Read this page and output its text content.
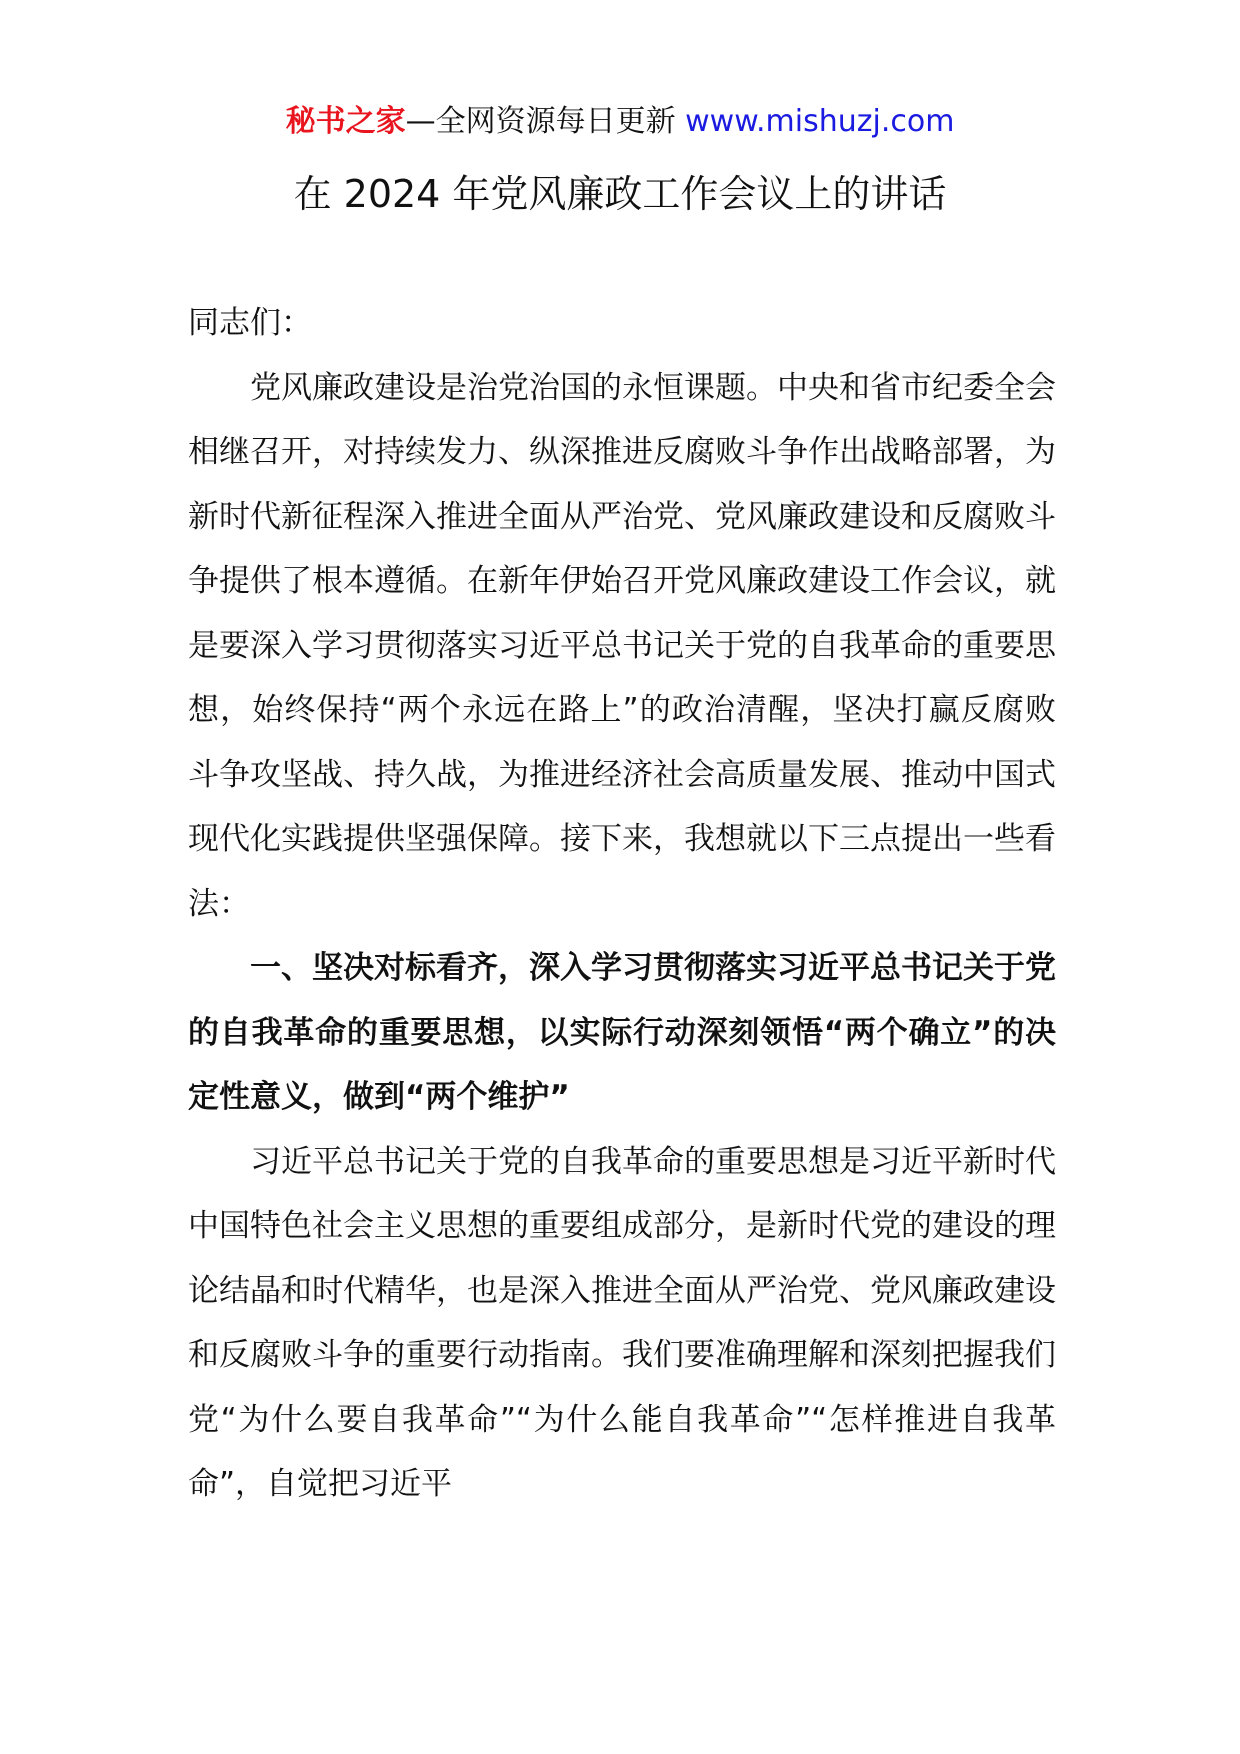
秘书之家—全网资源每日更新 www.mishuzj.com
在 2024 年党风廉政工作会议上的讲话

同志们：

党风廉政建设是治党治国的永恒课题。中央和省市纪委全会相继召开，对持续发力、纵深推进反腐败斗争作出战略部署，为新时代新征程深入推进全面从严治党、党风廉政建设和反腐败斗争提供了根本遵循。在新年伊始召开党风廉政建设工作会议，就是要深入学习贯彻落实习近平总书记关于党的自我革命的重要思想，始终保持“两个永远在路上”的政治清醒，坚决打赢反腐败斗争攻坚战、持久战，为推进经济社会高质量发展、推动中国式现代化实践提供坚强保障。接下来，我想就以下三点提出一些看法：

一、坚决对标看齐，深入学习贯彻落实习近平总书记关于党的自我革命的重要思想，以实际行动深刻领悟“两个确立”的决定性意义，做到“两个维护”

习近平总书记关于党的自我革命的重要思想是习近平新时代中国特色社会主义思想的重要组成部分，是新时代党的建设的理论结晶和时代精华，也是深入推进全面从严治党、党风廉政建设和反腐败斗争的重要行动指南。我们要准确理解和深刻把握我们党“为什么要自我革命”“为什么能自我革命”“怎样推进自我革命”，自觉把习近平
